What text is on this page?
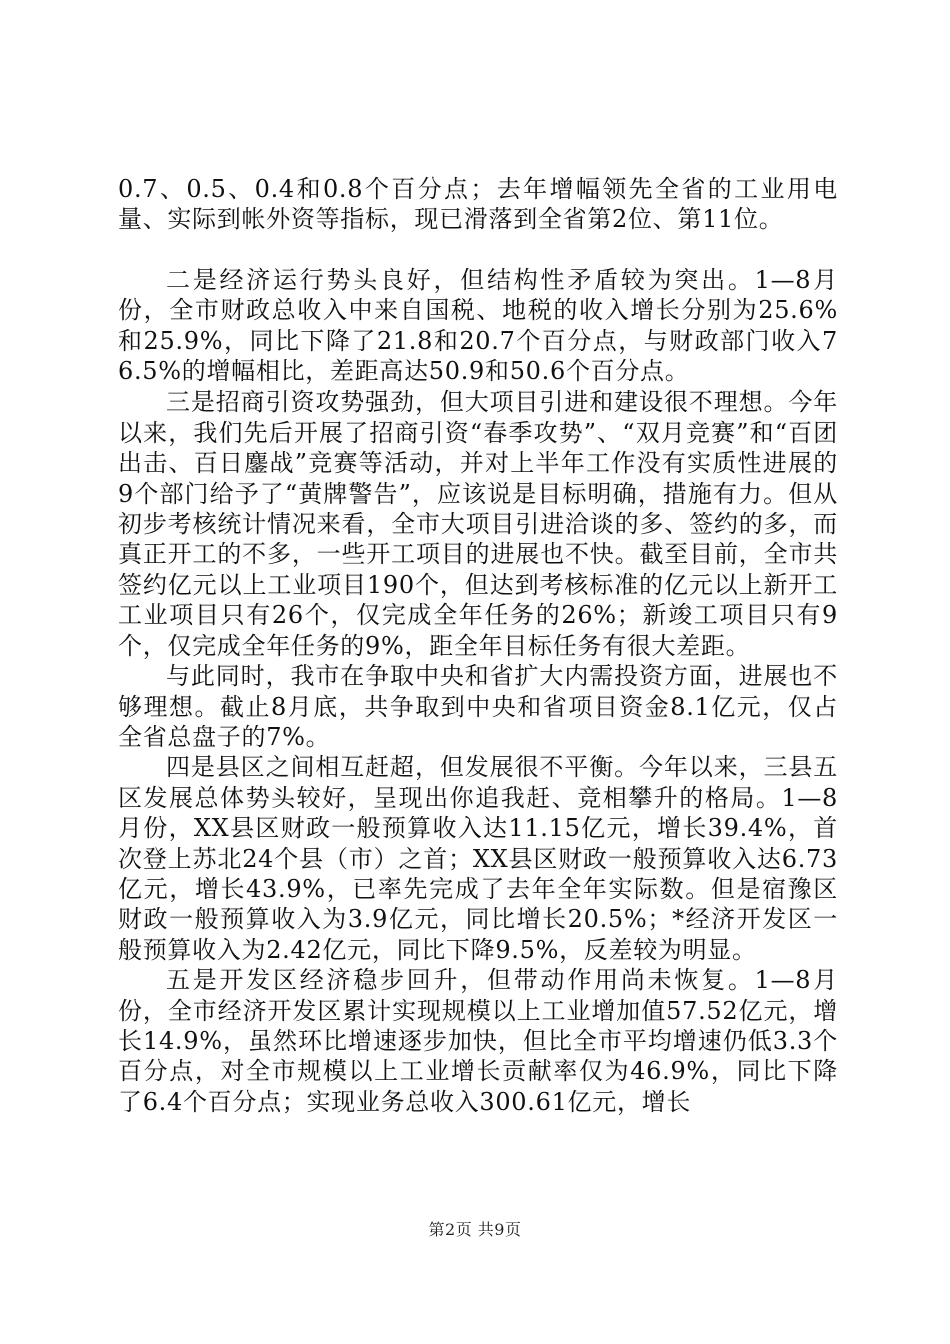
0.7、0.5、0.4和0.8个百分点；去年增幅领先全省的工业用电量、实际到帐外资等指标，现已滑落到全省第2位、第11位。

二是经济运行势头良好，但结构性矛盾较为突出。1—8月份，全市财政总收入中来自国税、地税的收入增长分别为25.6%和25.9%，同比下降了21.8和20.7个百分点，与财政部门收入76.5%的增幅相比，差距高达50.9和50.6个百分点。

三是招商引资攻势强劲，但大项目引进和建设很不理想。今年以来，我们先后开展了招商引资“春季攻势”、“双月竞赛”和“百团出击、百日鏖战”竞赛等活动，并对上半年工作没有实质性进展的9个部门给予了“黄牌警告”，应该说是目标明确，措施有力。但从初步考核统计情况来看，全市大项目引进洽谈的多、签约的多，而真正开工的不多，一些开工项目的进展也不快。截至目前，全市共签约亿元以上工业项目190个，但达到考核标准的亿元以上新开工工业项目只有26个，仅完成全年任务的26%；新竣工项目只有9个，仅完成全年任务的9%，距全年目标任务有很大差距。

与此同时，我市在争取中央和省扩大内需投资方面，进展也不够理想。截止8月底，共争取到中央和省项目资金8.1亿元，仅占全省总盘子的7%。

四是县区之间相互赶超，但发展很不平衡。今年以来，三县五区发展总体势头较好，呈现出你追我赶、竞相攀升的格局。1—8月份，XX县区财政一般预算收入达11.15亿元，增长39.4%，首次登上苏北24个县（市）之首；XX县区财政一般预算收入达6.73亿元，增长43.9%，已率先完成了去年全年实际数。但是宿豫区财政一般预算收入为3.9亿元，同比增长20.5%；*经济开发区一般预算收入为2.42亿元，同比下降9.5%，反差较为明显。

五是开发区经济稳步回升，但带动作用尚未恢复。1—8月份，全市经济开发区累计实现规模以上工业增加值57.52亿元，增长14.9%，虽然环比增速逐步加快，但比全市平均增速仍低3.3个百分点，对全市规模以上工业增长贡献率仅为46.9%，同比下降了6.4个百分点；实现业务总收入300.61亿元，增长

第2页 共9页
